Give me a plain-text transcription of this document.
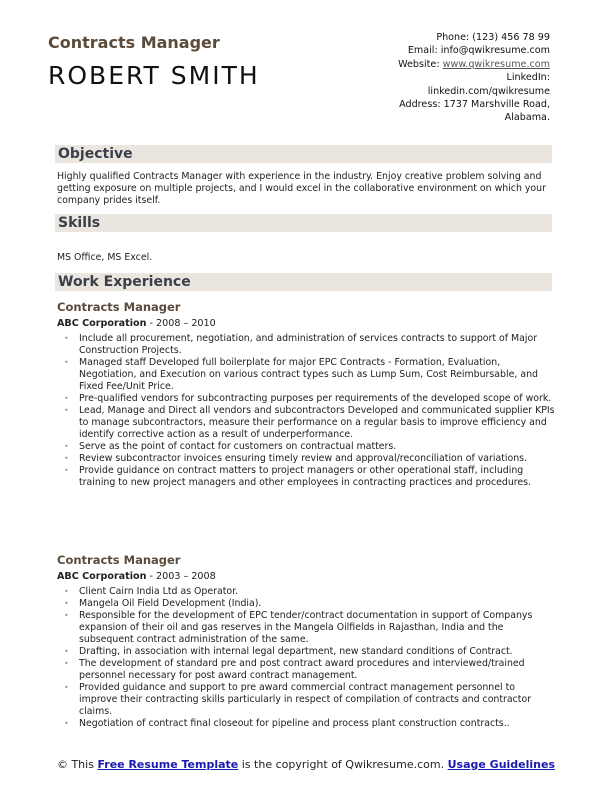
Contracts Manager
ROBERT SMITH
Phone: (123) 456 78 99
Email: info@qwikresume.com
Website: www.qwikresume.com
LinkedIn:
linkedin.com/qwikresume
Address: 1737 Marshville Road, Alabama.
Objective
Highly qualified Contracts Manager with experience in the industry. Enjoy creative problem solving and getting exposure on multiple projects, and I would excel in the collaborative environment on which your company prides itself.
Skills
MS Office, MS Excel.
Work Experience
Contracts Manager
ABC Corporation - 2008 – 2010
• Include all procurement, negotiation, and administration of services contracts to support of Major Construction Projects.
• Managed staff Developed full boilerplate for major EPC Contracts - Formation, Evaluation, Negotiation, and Execution on various contract types such as Lump Sum, Cost Reimbursable, and Fixed Fee/Unit Price.
• Pre-qualified vendors for subcontracting purposes per requirements of the developed scope of work.
• Lead, Manage and Direct all vendors and subcontractors Developed and communicated supplier KPIs to manage subcontractors, measure their performance on a regular basis to improve efficiency and identify corrective action as a result of underperformance.
• Serve as the point of contact for customers on contractual matters.
• Review subcontractor invoices ensuring timely review and approval/reconciliation of variations.
• Provide guidance on contract matters to project managers or other operational staff, including training to new project managers and other employees in contracting practices and procedures.
Contracts Manager
ABC Corporation - 2003 – 2008
• Client Cairn India Ltd as Operator.
• Mangela Oil Field Development (India).
• Responsible for the development of EPC tender/contract documentation in support of Companys expansion of their oil and gas reserves in the Mangela Oilfields in Rajasthan, India and the subsequent contract administration of the same.
• Drafting, in association with internal legal department, new standard conditions of Contract.
• The development of standard pre and post contract award procedures and interviewed/trained personnel necessary for post award contract management.
• Provided guidance and support to pre award commercial contract management personnel to improve their contracting skills particularly in respect of compilation of contracts and contractor claims.
• Negotiation of contract final closeout for pipeline and process plant construction contracts..
© This Free Resume Template is the copyright of Qwikresume.com. Usage Guidelines
